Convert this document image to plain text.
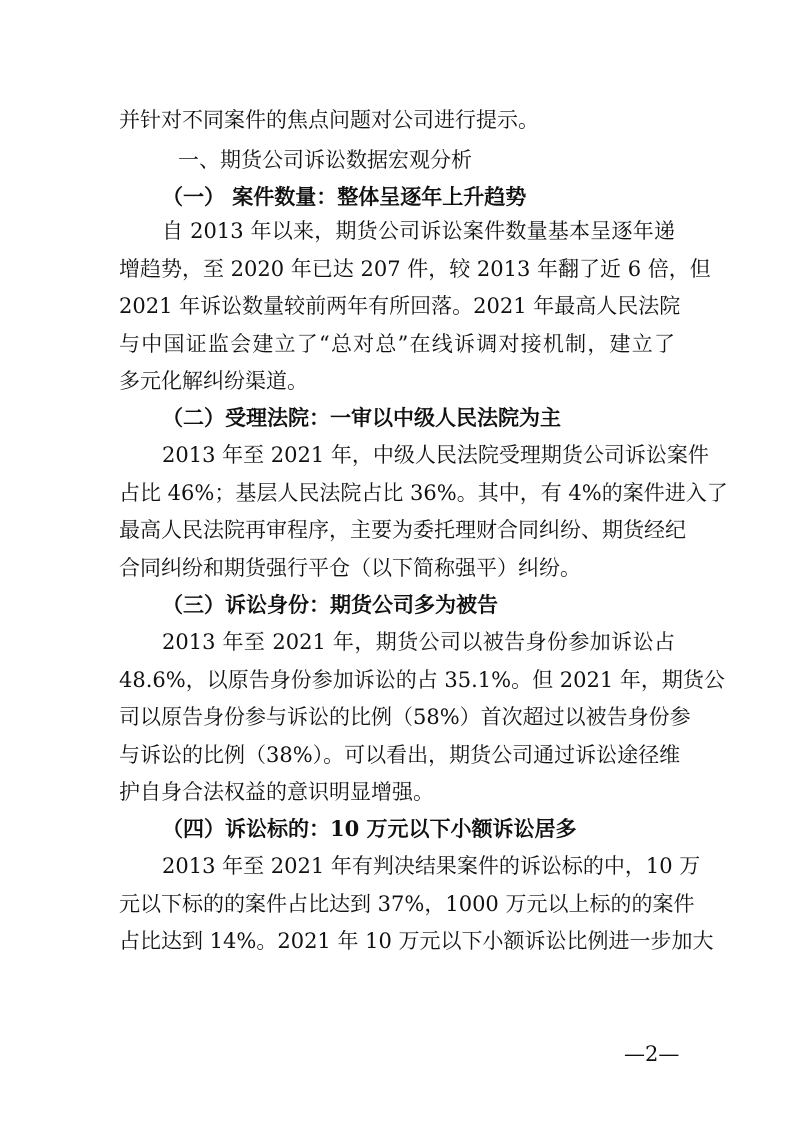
并针对不同案件的焦点问题对公司进行提示。
一、期货公司诉讼数据宏观分析
（一） 案件数量：整体呈逐年上升趋势
自 2013 年以来，期货公司诉讼案件数量基本呈逐年递
增趋势，至 2020 年已达 207 件，较 2013 年翻了近 6 倍，但
2021 年诉讼数量较前两年有所回落。2021 年最高人民法院
与中国证监会建立了“总对总”在线诉调对接机制，建立了
多元化解纠纷渠道。
（二）受理法院：一审以中级人民法院为主
2013 年至 2021 年，中级人民法院受理期货公司诉讼案件
占比 46%；基层人民法院占比 36%。其中，有 4%的案件进入了
最高人民法院再审程序，主要为委托理财合同纠纷、期货经纪
合同纠纷和期货强行平仓（以下简称强平）纠纷。
（三）诉讼身份：期货公司多为被告
2013 年至 2021 年，期货公司以被告身份参加诉讼占
48.6%，以原告身份参加诉讼的占 35.1%。但 2021 年，期货公
司以原告身份参与诉讼的比例（58%）首次超过以被告身份参
与诉讼的比例（38%）。可以看出，期货公司通过诉讼途径维
护自身合法权益的意识明显增强。
（四）诉讼标的：10 万元以下小额诉讼居多
2013 年至 2021 年有判决结果案件的诉讼标的中，10 万
元以下标的的案件占比达到 37%，1000 万元以上标的的案件
占比达到 14%。2021 年 10 万元以下小额诉讼比例进一步加大
—2—
